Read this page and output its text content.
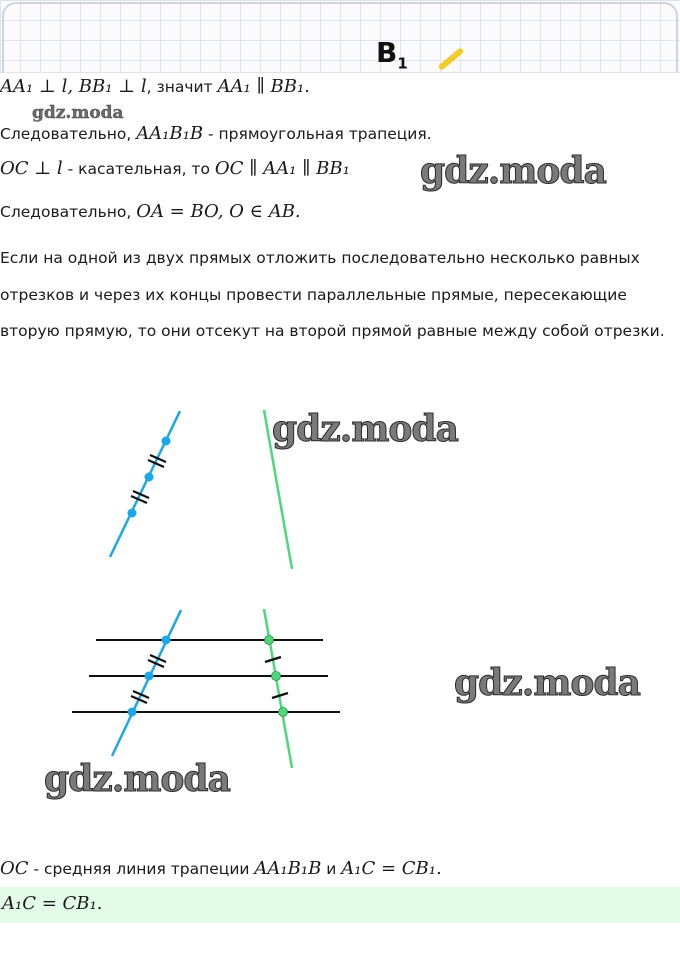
$B_1$
AA₁ ⊥ l, BB₁ ⊥ l, значит AA₁ ∥ BB₁.
gdz.moda
Следовательно, AA₁B₁B - прямоугольная трапеция.
OC ⊥ l - касательная, то OC ∥ AA₁ ∥ BB₁ gdz.moda
Следовательно, OA = BO, O ∈ AB.
Если на одной из двух прямых отложить последовательно несколько равных отрезков и через их концы провести параллельные прямые, пересекающие вторую прямую, то они отсекут на второй прямой равные между собой отрезки.
gdz.moda
gdz.moda
gdz.moda
OC - средняя линия трапеции AA₁B₁B и A₁C = CB₁.
A₁C = CB₁.
